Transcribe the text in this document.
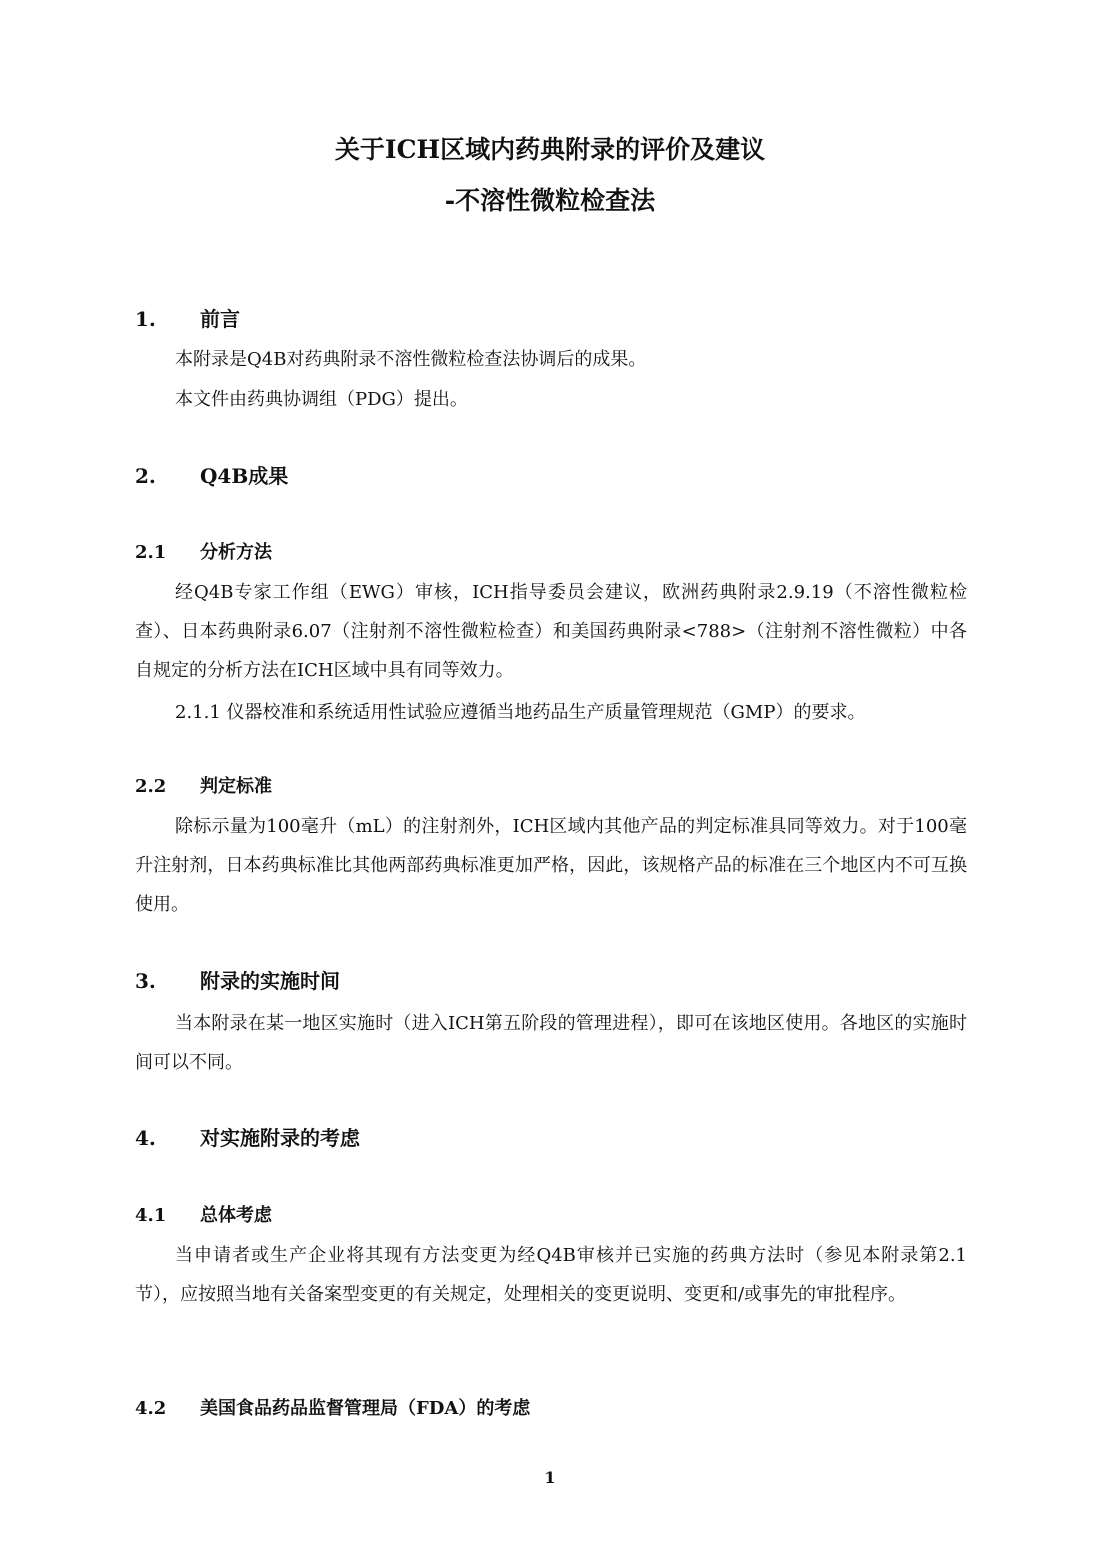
关于ICH区域内药典附录的评价及建议
-不溶性微粒检查法
1. 前言

本附录是Q4B对药典附录不溶性微粒检查法协调后的成果。

本文件由药典协调组（PDG）提出。

2. Q4B成果
2.1 分析方法

经Q4B专家工作组（EWG）审核，ICH指导委员会建议，欧洲药典附录2.9.19（不溶性微粒检查）、日本药典附录6.07（注射剂不溶性微粒检查）和美国药典附录<788>（注射剂不溶性微粒）中各自规定的分析方法在ICH区域中具有同等效力。

2.1.1 仪器校准和系统适用性试验应遵循当地药品生产质量管理规范（GMP）的要求。

2.2 判定标准

除标示量为100毫升（mL）的注射剂外，ICH区域内其他产品的判定标准具同等效力。对于100毫升注射剂，日本药典标准比其他两部药典标准更加严格，因此，该规格产品的标准在三个地区内不可互换使用。

3. 附录的实施时间

当本附录在某一地区实施时（进入ICH第五阶段的管理进程），即可在该地区使用。各地区的实施时间可以不同。

4. 对实施附录的考虑
4.1 总体考虑

当申请者或生产企业将其现有方法变更为经Q4B审核并已实施的药典方法时（参见本附录第2.1节），应按照当地有关备案型变更的有关规定，处理相关的变更说明、变更和/或事先的审批程序。

4.2 美国食品药品监督管理局（FDA）的考虑

1
